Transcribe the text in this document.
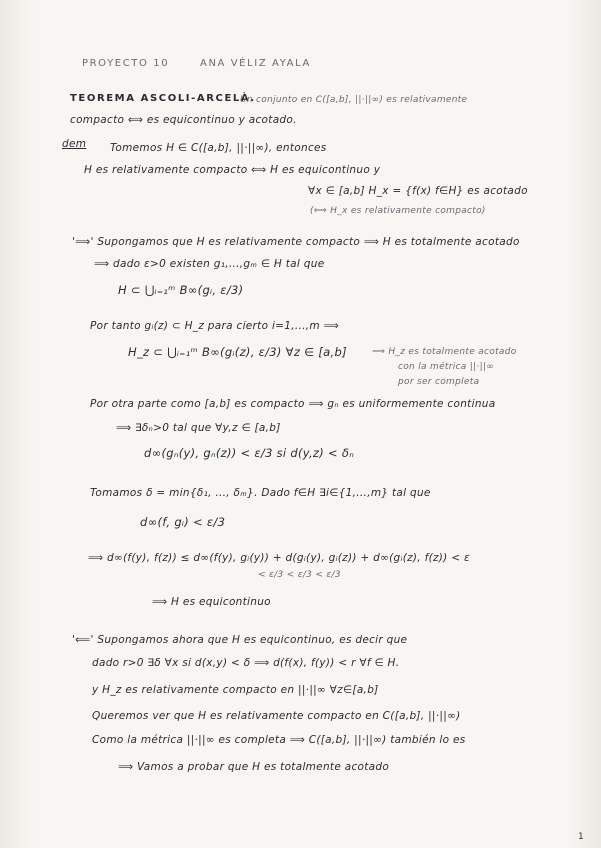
PROYECTO 10	ANA VÉLIZ AYALA
TEOREMA ASCOLI-ARCELÀ.
Un conjunto en C([a,b], ||·||∞) es relativamente
compacto ⟺ es equicontinuo y acotado.
dem Tomemos H ∈ C([a,b], ||·||∞), entonces
H es relativamente compacto ⟺ H es equicontinuo y
∀x ∈ [a,b] H_x = {f(x) f∈H} es acotado
(⟺ H_x es relativamente compacto)
'⟹' Supongamos que H es relativamente compacto ⟹ H es totalmente acotado
⟹ dado ε>0 existen g₁,...,gₘ ∈ H tal que
H ⊂ ⋃ᵢ₌₁ᵐ B∞(gᵢ, ε/3)
Por tanto gᵢ(z) ⊂ H_z para cierto i=1,...,m ⟹
H_z ⊂ ⋃ᵢ₌₁ᵐ B∞(gᵢ(z), ε/3) ∀z ∈ [a,b]	⟹ H_z es totalmente acotado
con la métrica ||·||∞
por ser completa
Por otra parte como [a,b] es compacto ⟹ gₙ es uniformemente continua
⟹ ∃δₙ>0 tal que ∀y,z ∈ [a,b]
d∞(gₙ(y), gₙ(z)) < ε/3 si d(y,z) < δₙ
Tomamos δ = min{δ₁, ..., δₘ}. Dado f∈H ∃i∈{1,...,m} tal que
d∞(f, gᵢ) < ε/3
⟹ d∞(f(y), f(z)) ≤ d∞(f(y), gᵢ(y)) + d(gᵢ(y), gᵢ(z)) + d∞(gᵢ(z), f(z)) < ε
< ε/3 < ε/3 < ε/3
⟹ H es equicontinuo
'⟸' Supongamos ahora que H es equicontinuo, es decir que
dado r>0 ∃δ ∀x si d(x,y) < δ ⟹ d(f(x), f(y)) < r ∀f ∈ H.
y H_z es relativamente compacto en ||·||∞ ∀z∈[a,b]
Queremos ver que H es relativamente compacto en C([a,b], ||·||∞)
Como la métrica ||·||∞ es completa ⟹ C([a,b], ||·||∞) también lo es
⟹ Vamos a probar que H es totalmente acotado
1
